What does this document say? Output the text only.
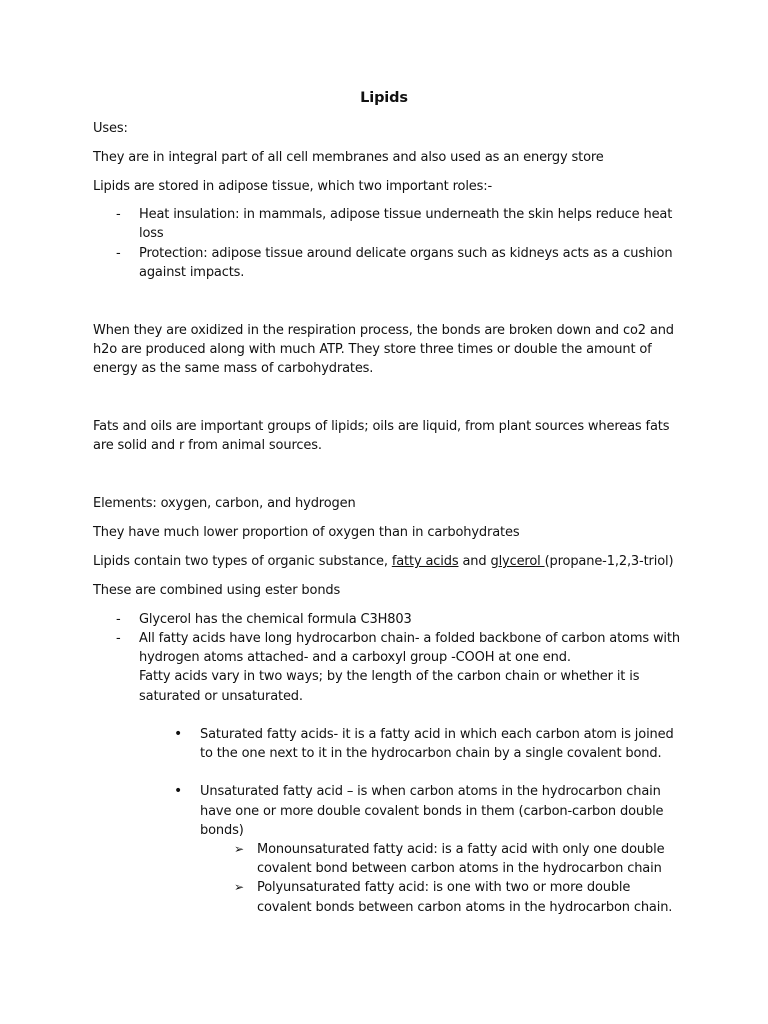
Lipids
Uses:
They are in integral part of all cell membranes and also used as an energy store
Lipids are stored in adipose tissue, which two important roles:-
- Heat insulation: in mammals, adipose tissue underneath the skin helps reduce heat
loss
- Protection: adipose tissue around delicate organs such as kidneys acts as a cushion
against impacts.
When they are oxidized in the respiration process, the bonds are broken down and co2 and
h2o are produced along with much ATP. They store three times or double the amount of
energy as the same mass of carbohydrates.
Fats and oils are important groups of lipids; oils are liquid, from plant sources whereas fats
are solid and r from animal sources.
Elements: oxygen, carbon, and hydrogen
They have much lower proportion of oxygen than in carbohydrates
Lipids contain two types of organic substance, fatty acids and glycerol (propane-1,2,3-triol)
These are combined using ester bonds
- Glycerol has the chemical formula C3H803
- All fatty acids have long hydrocarbon chain- a folded backbone of carbon atoms with
hydrogen atoms attached- and a carboxyl group -COOH at one end.
Fatty acids vary in two ways; by the length of the carbon chain or whether it is
saturated or unsaturated.
• Saturated fatty acids- it is a fatty acid in which each carbon atom is joined
to the one next to it in the hydrocarbon chain by a single covalent bond.
• Unsaturated fatty acid – is when carbon atoms in the hydrocarbon chain
have one or more double covalent bonds in them (carbon-carbon double
bonds)
➢ Monounsaturated fatty acid: is a fatty acid with only one double
covalent bond between carbon atoms in the hydrocarbon chain
➢ Polyunsaturated fatty acid: is one with two or more double
covalent bonds between carbon atoms in the hydrocarbon chain.
